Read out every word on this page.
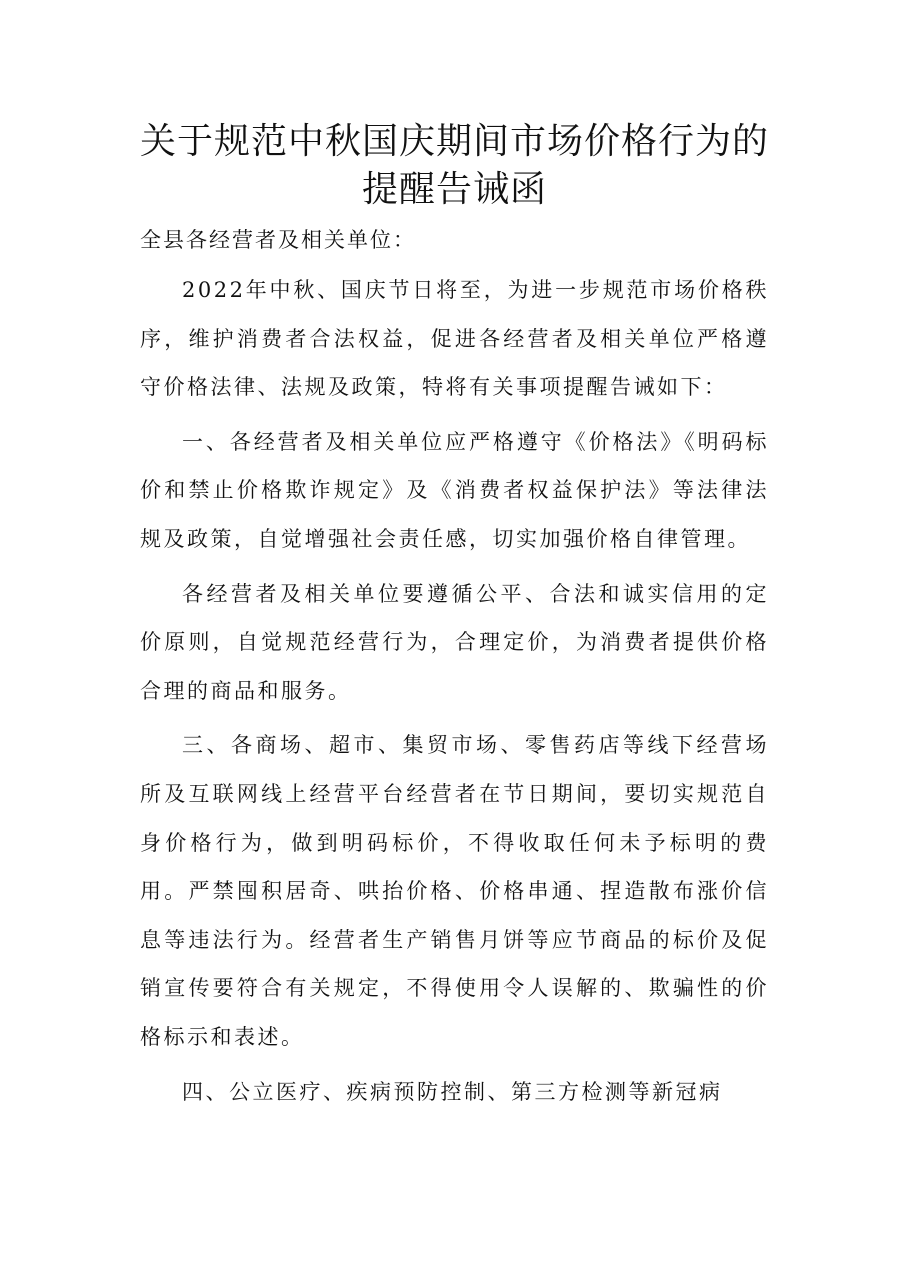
关于规范中秋国庆期间市场价格行为的提醒告诫函

全县各经营者及相关单位：

2022年中秋、国庆节日将至，为进一步规范市场价格秩序，维护消费者合法权益，促进各经营者及相关单位严格遵守价格法律、法规及政策，特将有关事项提醒告诫如下：

一、各经营者及相关单位应严格遵守《价格法》《明码标价和禁止价格欺诈规定》及《消费者权益保护法》等法律法规及政策，自觉增强社会责任感，切实加强价格自律管理。

各经营者及相关单位要遵循公平、合法和诚实信用的定价原则，自觉规范经营行为，合理定价，为消费者提供价格合理的商品和服务。

三、各商场、超市、集贸市场、零售药店等线下经营场所及互联网线上经营平台经营者在节日期间，要切实规范自身价格行为，做到明码标价，不得收取任何未予标明的费用。严禁囤积居奇、哄抬价格、价格串通、捏造散布涨价信息等违法行为。经营者生产销售月饼等应节商品的标价及促销宣传要符合有关规定，不得使用令人误解的、欺骗性的价格标示和表述。

四、公立医疗、疾病预防控制、第三方检测等新冠病
